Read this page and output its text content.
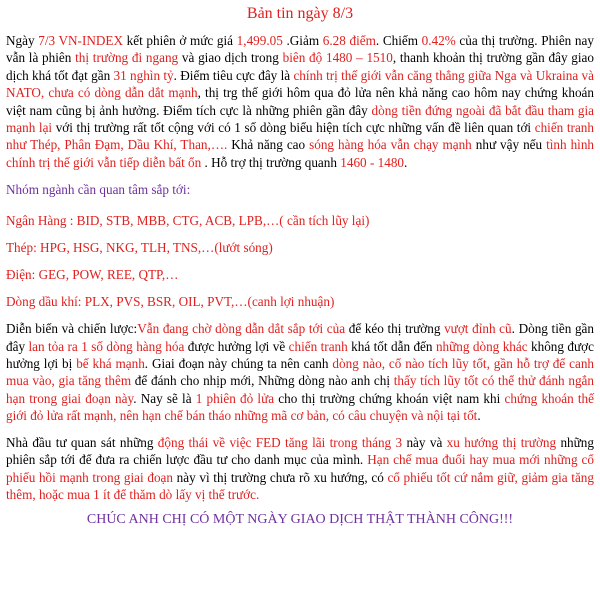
Bản tin ngày 8/3

Ngày 7/3 VN-INDEX kết phiên ở mức giá 1,499.05 .Giảm 6.28 điểm. Chiếm 0.42% của thị trường. Phiên nay vẫn là phiên thị trường đi ngang và giao dịch trong biên độ 1480 – 1510, thanh khoản thị trường gần đây giao dịch khá tốt đạt gần 31 nghìn tỷ. Điểm tiêu cực đây là chính trị thế giới vẫn căng thẳng giữa Nga và Ukraina và NATO, chưa có dòng dẫn dắt mạnh, thị trg thế giới hôm qua đỏ lửa nên khả năng cao hôm nay chứng khoán việt nam cũng bị ảnh hưởng. Điểm tích cực là những phiên gần đây dòng tiền đứng ngoài đã bắt đầu tham gia mạnh lại với thị trường rất tốt cộng với có 1 số dòng biểu hiện tích cực những vấn đề liên quan tới chiến tranh như Thép, Phân Đạm, Dầu Khí, Than,…. Khả năng cao sóng hàng hóa vẫn chạy mạnh như vậy nếu tình hình chính trị thế giới vẫn tiếp diễn bất ổn . Hỗ trợ thị trường quanh 1460 - 1480.

Nhóm ngành cần quan tâm sắp tới:
Ngân Hàng : BID, STB, MBB, CTG, ACB, LPB,…( cần tích lũy lại)
Thép: HPG, HSG, NKG, TLH, TNS,…(lướt sóng)
Điện: GEG, POW, REE, QTP,…
Dòng dầu khí: PLX, PVS, BSR, OIL, PVT,…(canh lợi nhuận)

Diễn biến và chiến lược:Vẫn đang chờ dòng dẫn dắt sắp tới của để kéo thị trường vượt đỉnh cũ. Dòng tiền gần đây lan tỏa ra 1 số dòng hàng hóa được hưởng lợi về chiến tranh khá tốt dẫn đến những dòng khác không được hưởng lợi bị bế khá mạnh. Giai đoạn này chúng ta nên canh dòng nào, cổ nào tích lũy tốt, gần hỗ trợ để canh mua vào, gia tăng thêm để đánh cho nhịp mới, Những dòng nào anh chị thấy tích lũy tốt có thể thử đánh ngắn hạn trong giai đoạn này. Nay sẽ là 1 phiên đỏ lửa cho thị trường chứng khoán việt nam khi chứng khoán thế giới đỏ lửa rất mạnh, nên hạn chế bán tháo những mã cơ bản, có câu chuyện và nội tại tốt.

Nhà đầu tư quan sát những động thái về việc FED tăng lãi trong tháng 3 này và xu hướng thị trường những phiên sắp tới để đưa ra chiến lược đầu tư cho danh mục của mình. Hạn chế mua đuổi hay mua mới những cổ phiếu hồi mạnh trong giai đoạn này vì thị trường chưa rõ xu hướng, có cổ phiếu tốt cứ nắm giữ, giảm gia tăng thêm, hoặc mua 1 ít để thăm dò lấy vị thế trước.

CHÚC ANH CHỊ CÓ MỘT NGÀY GIAO DỊCH THẬT THÀNH CÔNG!!!
